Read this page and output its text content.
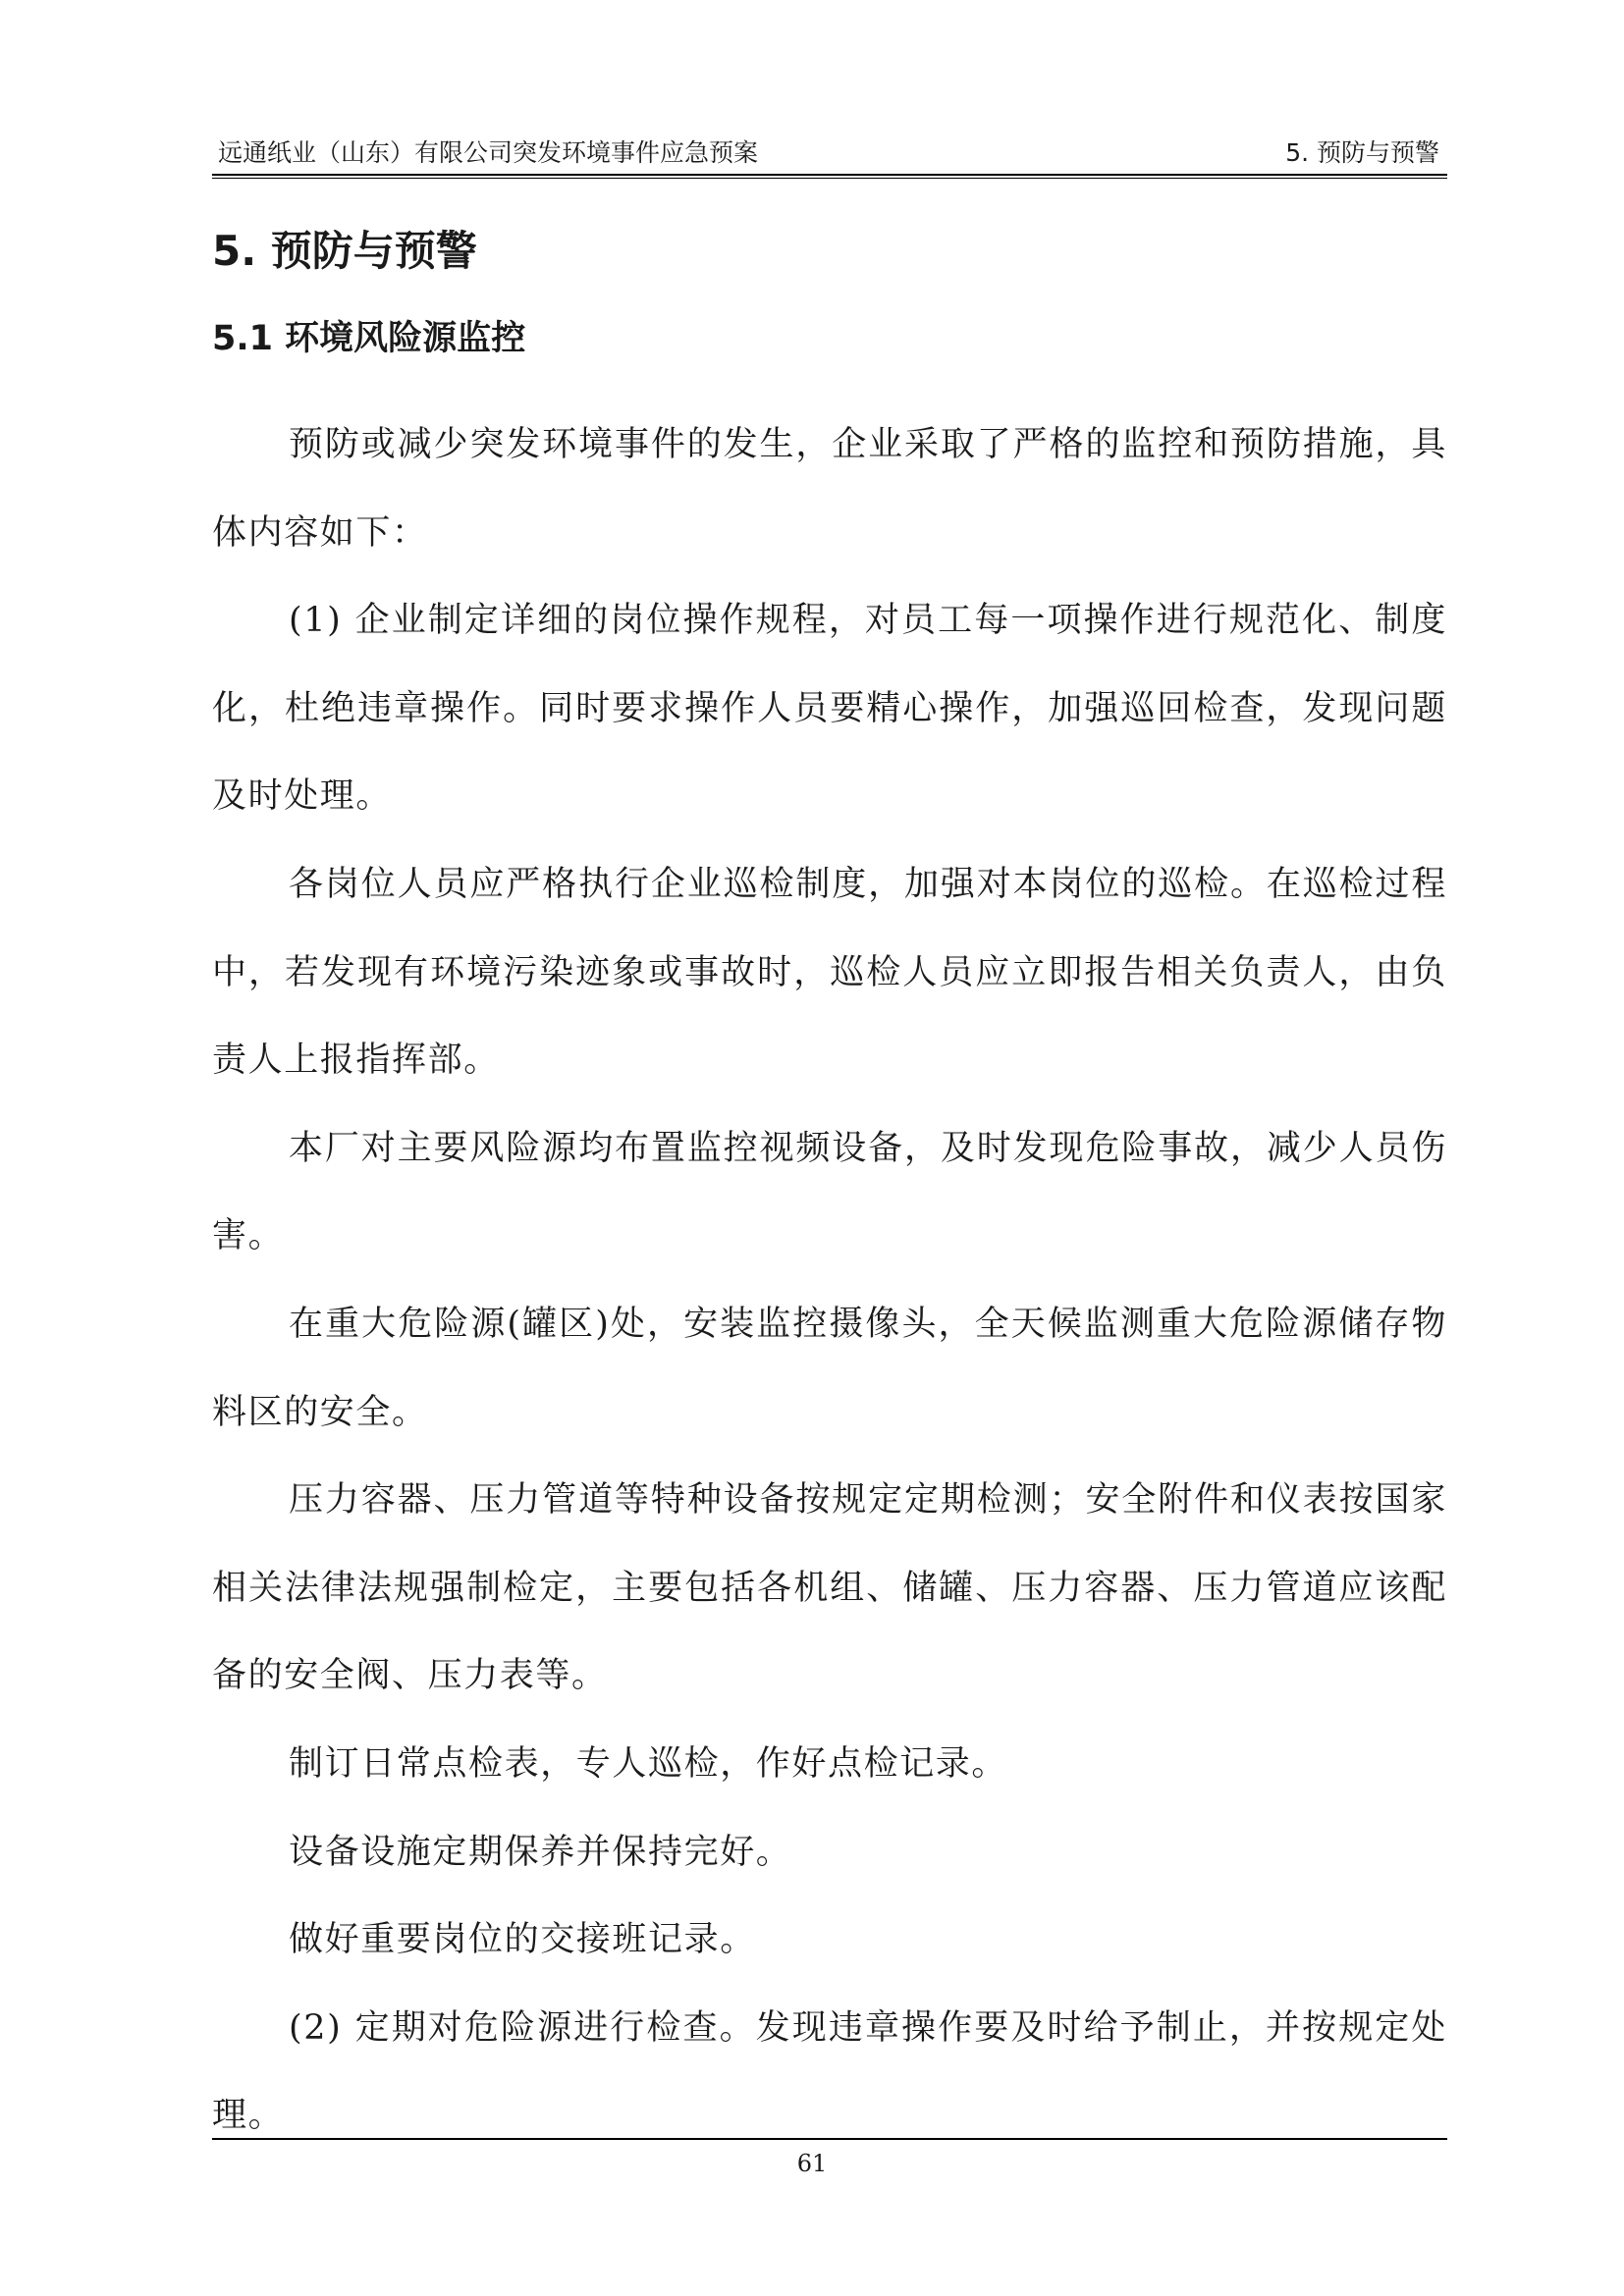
远通纸业（山东）有限公司突发环境事件应急预案	5. 预防与预警
5. 预防与预警
5.1 环境风险源监控

预防或减少突发环境事件的发生，企业采取了严格的监控和预防措施，具体内容如下：

(1) 企业制定详细的岗位操作规程，对员工每一项操作进行规范化、制度化，杜绝违章操作。同时要求操作人员要精心操作，加强巡回检查，发现问题及时处理。

各岗位人员应严格执行企业巡检制度，加强对本岗位的巡检。在巡检过程中，若发现有环境污染迹象或事故时，巡检人员应立即报告相关负责人，由负责人上报指挥部。

本厂对主要风险源均布置监控视频设备，及时发现危险事故，减少人员伤害。

在重大危险源(罐区)处，安装监控摄像头，全天候监测重大危险源储存物料区的安全。

压力容器、压力管道等特种设备按规定定期检测；安全附件和仪表按国家相关法律法规强制检定，主要包括各机组、储罐、压力容器、压力管道应该配备的安全阀、压力表等。

制订日常点检表，专人巡检，作好点检记录。

设备设施定期保养并保持完好。

做好重要岗位的交接班记录。

(2) 定期对危险源进行检查。发现违章操作要及时给予制止，并按规定处理。

61
